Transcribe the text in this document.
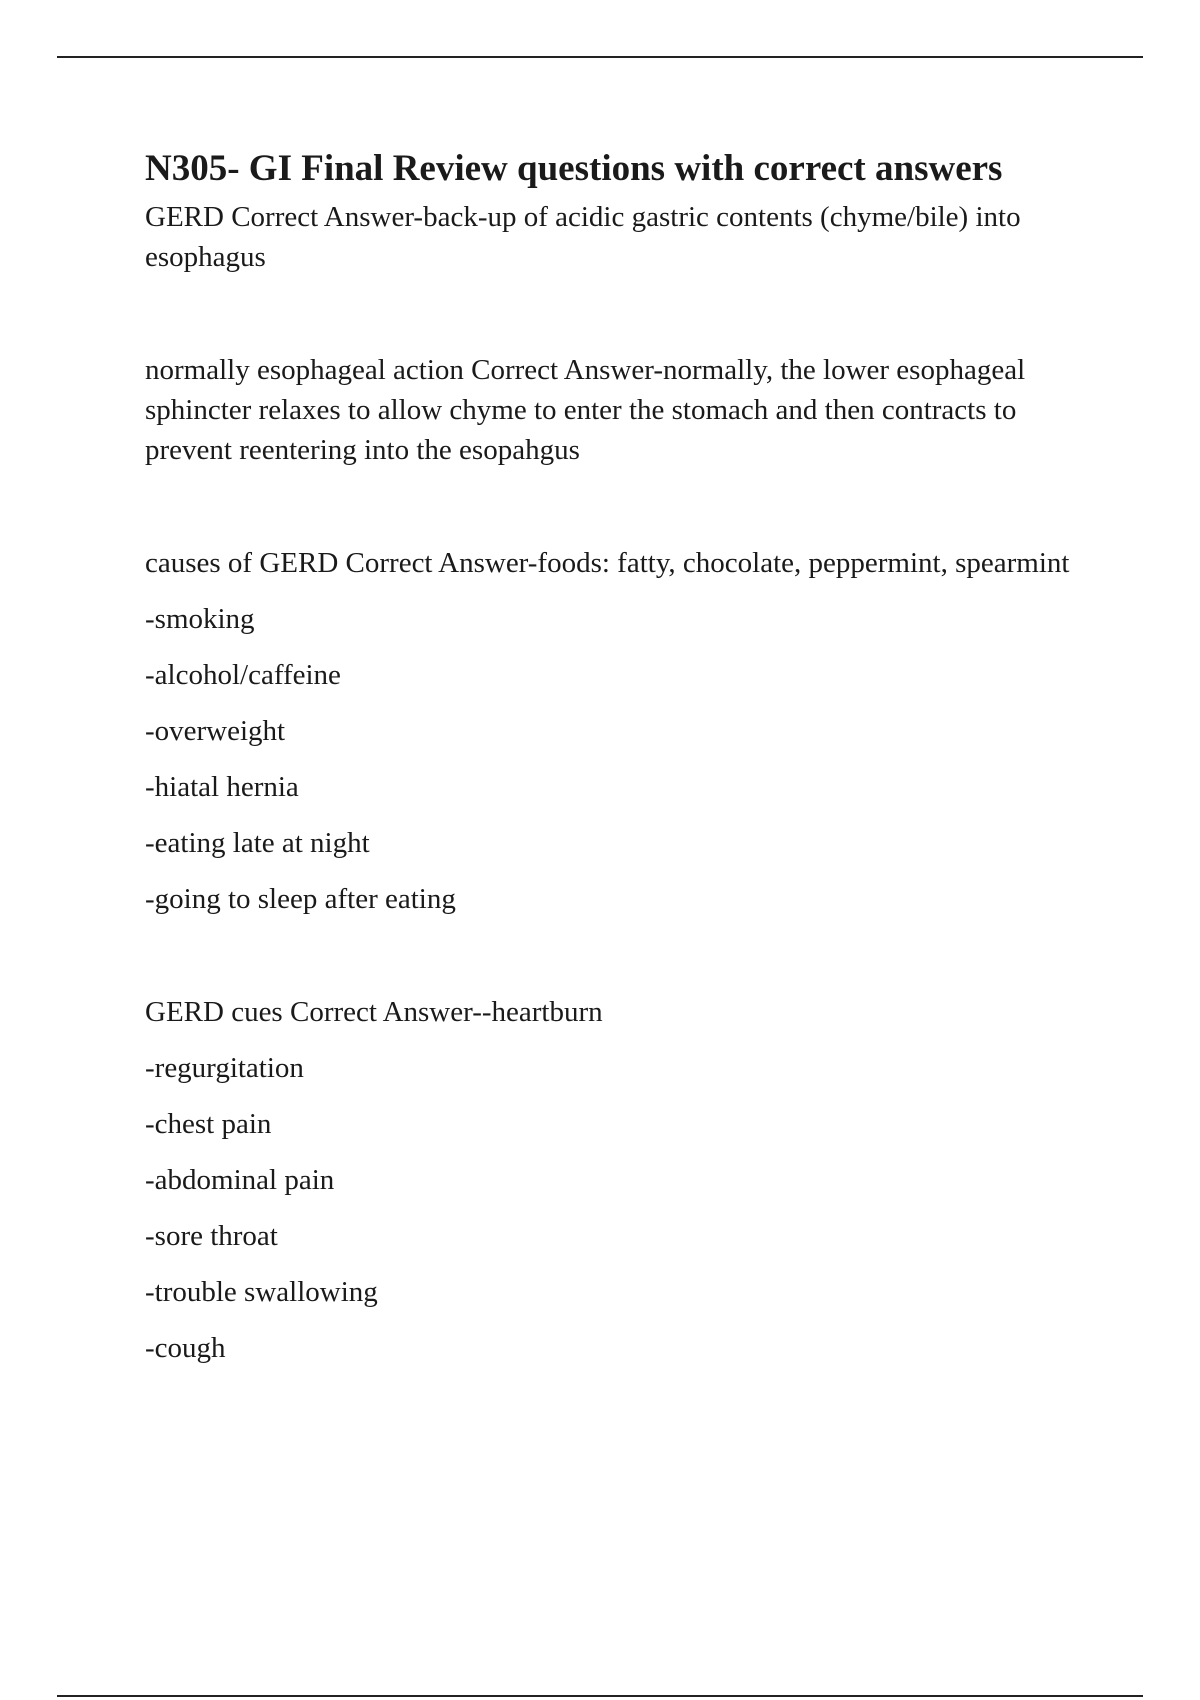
N305- GI Final Review questions with correct answers

GERD Correct Answer-back-up of acidic gastric contents (chyme/bile) into esophagus

normally esophageal action Correct Answer-normally, the lower esophageal sphincter relaxes to allow chyme to enter the stomach and then contracts to prevent reentering into the esopahgus

causes of GERD Correct Answer-foods: fatty, chocolate, peppermint, spearmint

-smoking

-alcohol/caffeine

-overweight

-hiatal hernia

-eating late at night

-going to sleep after eating

GERD cues Correct Answer--heartburn

-regurgitation

-chest pain

-abdominal pain

-sore throat

-trouble swallowing

-cough
